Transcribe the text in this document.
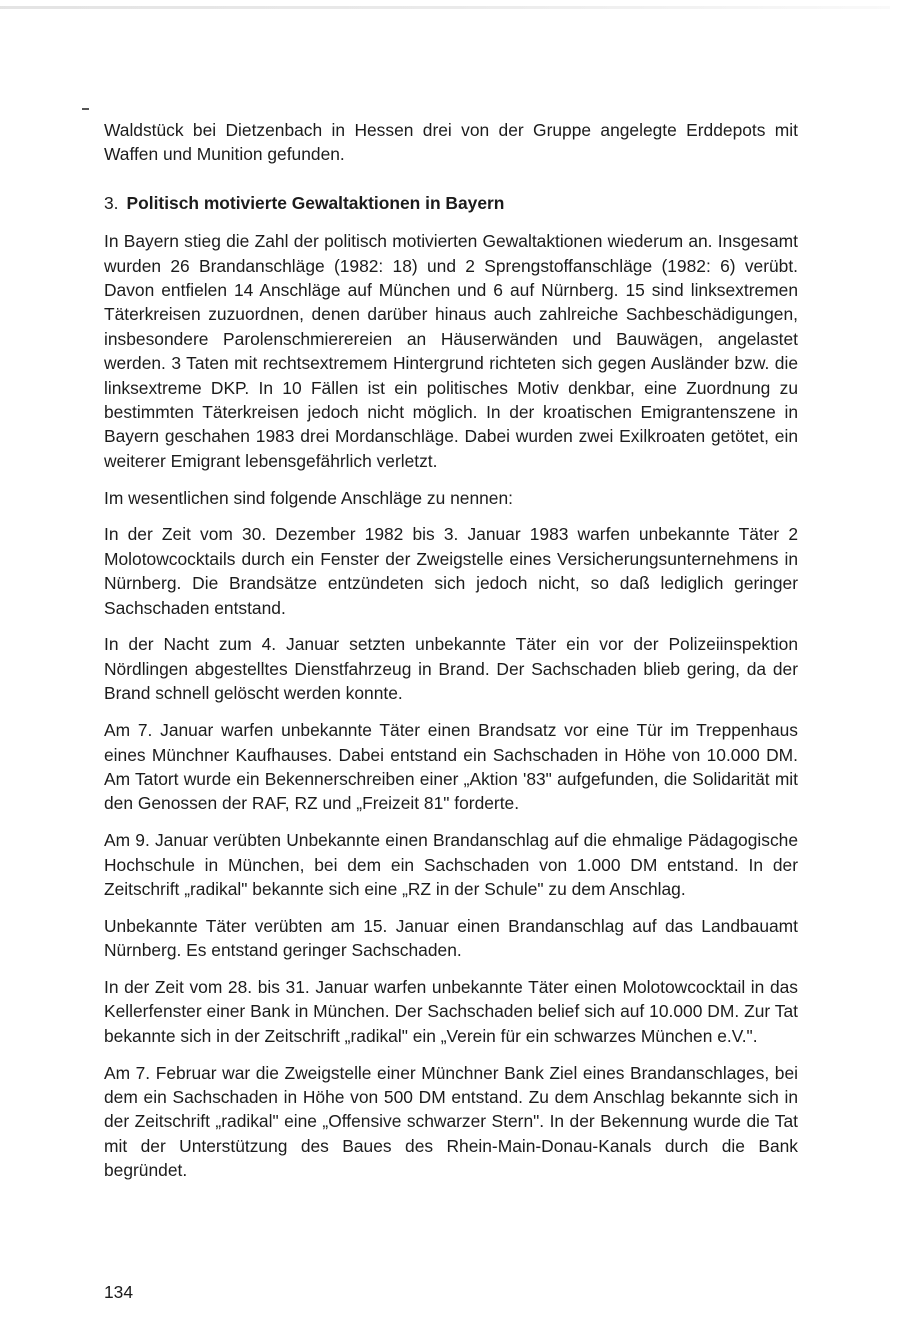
Waldstück bei Dietzenbach in Hessen drei von der Gruppe angelegte Erddepots mit Waffen und Munition gefunden.

3. Politisch motivierte Gewaltaktionen in Bayern

In Bayern stieg die Zahl der politisch motivierten Gewaltaktionen wiederum an. Insgesamt wurden 26 Brandanschläge (1982: 18) und 2 Sprengstoffanschläge (1982: 6) verübt. Davon entfielen 14 Anschläge auf München und 6 auf Nürnberg. 15 sind linksextremen Täterkreisen zuzuordnen, denen darüber hinaus auch zahlreiche Sachbeschädigungen, insbesondere Parolenschmierereien an Häuserwänden und Bauwägen, angelastet werden. 3 Taten mit rechtsextremem Hintergrund richteten sich gegen Ausländer bzw. die linksextreme DKP. In 10 Fällen ist ein politisches Motiv denkbar, eine Zuordnung zu bestimmten Täterkreisen jedoch nicht möglich. In der kroatischen Emigrantenszene in Bayern geschahen 1983 drei Mordanschläge. Dabei wurden zwei Exilkroaten getötet, ein weiterer Emigrant lebensgefährlich verletzt.

Im wesentlichen sind folgende Anschläge zu nennen:

In der Zeit vom 30. Dezember 1982 bis 3. Januar 1983 warfen unbekannte Täter 2 Molotowcocktails durch ein Fenster der Zweigstelle eines Versicherungsunternehmens in Nürnberg. Die Brandsätze entzündeten sich jedoch nicht, so daß lediglich geringer Sachschaden entstand.

In der Nacht zum 4. Januar setzten unbekannte Täter ein vor der Polizeiinspektion Nördlingen abgestelltes Dienstfahrzeug in Brand. Der Sachschaden blieb gering, da der Brand schnell gelöscht werden konnte.

Am 7. Januar warfen unbekannte Täter einen Brandsatz vor eine Tür im Treppenhaus eines Münchner Kaufhauses. Dabei entstand ein Sachschaden in Höhe von 10.000 DM. Am Tatort wurde ein Bekennerschreiben einer „Aktion '83" aufgefunden, die Solidarität mit den Genossen der RAF, RZ und „Freizeit 81" forderte.

Am 9. Januar verübten Unbekannte einen Brandanschlag auf die ehmalige Pädagogische Hochschule in München, bei dem ein Sachschaden von 1.000 DM entstand. In der Zeitschrift „radikal" bekannte sich eine „RZ in der Schule" zu dem Anschlag.

Unbekannte Täter verübten am 15. Januar einen Brandanschlag auf das Landbauamt Nürnberg. Es entstand geringer Sachschaden.

In der Zeit vom 28. bis 31. Januar warfen unbekannte Täter einen Molotowcocktail in das Kellerfenster einer Bank in München. Der Sachschaden belief sich auf 10.000 DM. Zur Tat bekannte sich in der Zeitschrift „radikal" ein „Verein für ein schwarzes München e.V.".

Am 7. Februar war die Zweigstelle einer Münchner Bank Ziel eines Brandanschlages, bei dem ein Sachschaden in Höhe von 500 DM entstand. Zu dem Anschlag bekannte sich in der Zeitschrift „radikal" eine „Offensive schwarzer Stern". In der Bekennung wurde die Tat mit der Unterstützung des Baues des Rhein-Main-Donau-Kanals durch die Bank begründet.

134
